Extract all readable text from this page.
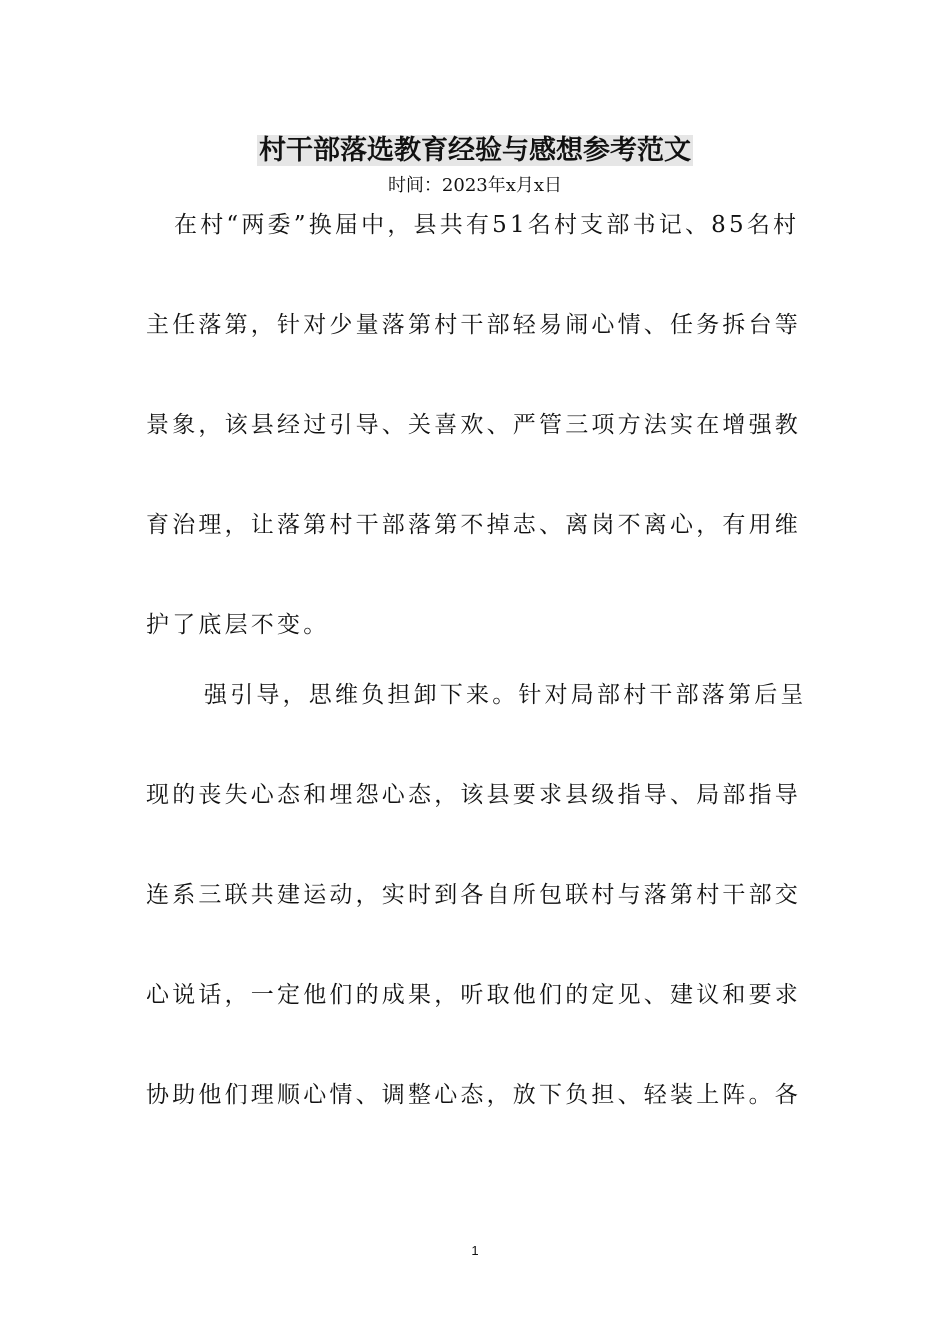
村干部落选教育经验与感想参考范文
时间：2023年x月x日

在村“两委”换届中，县共有51名村支部书记、85名村
主任落第，针对少量落第村干部轻易闹心情、任务拆台等
景象，该县经过引导、关喜欢、严管三项方法实在增强教
育治理，让落第村干部落第不掉志、离岗不离心，有用维
护了底层不变。

强引导，思维负担卸下来。针对局部村干部落第后呈
现的丧失心态和埋怨心态，该县要求县级指导、局部指导
连系三联共建运动，实时到各自所包联村与落第村干部交
心说话，一定他们的成果，听取他们的定见、建议和要求
协助他们理顺心情、调整心态，放下负担、轻装上阵。各

1
